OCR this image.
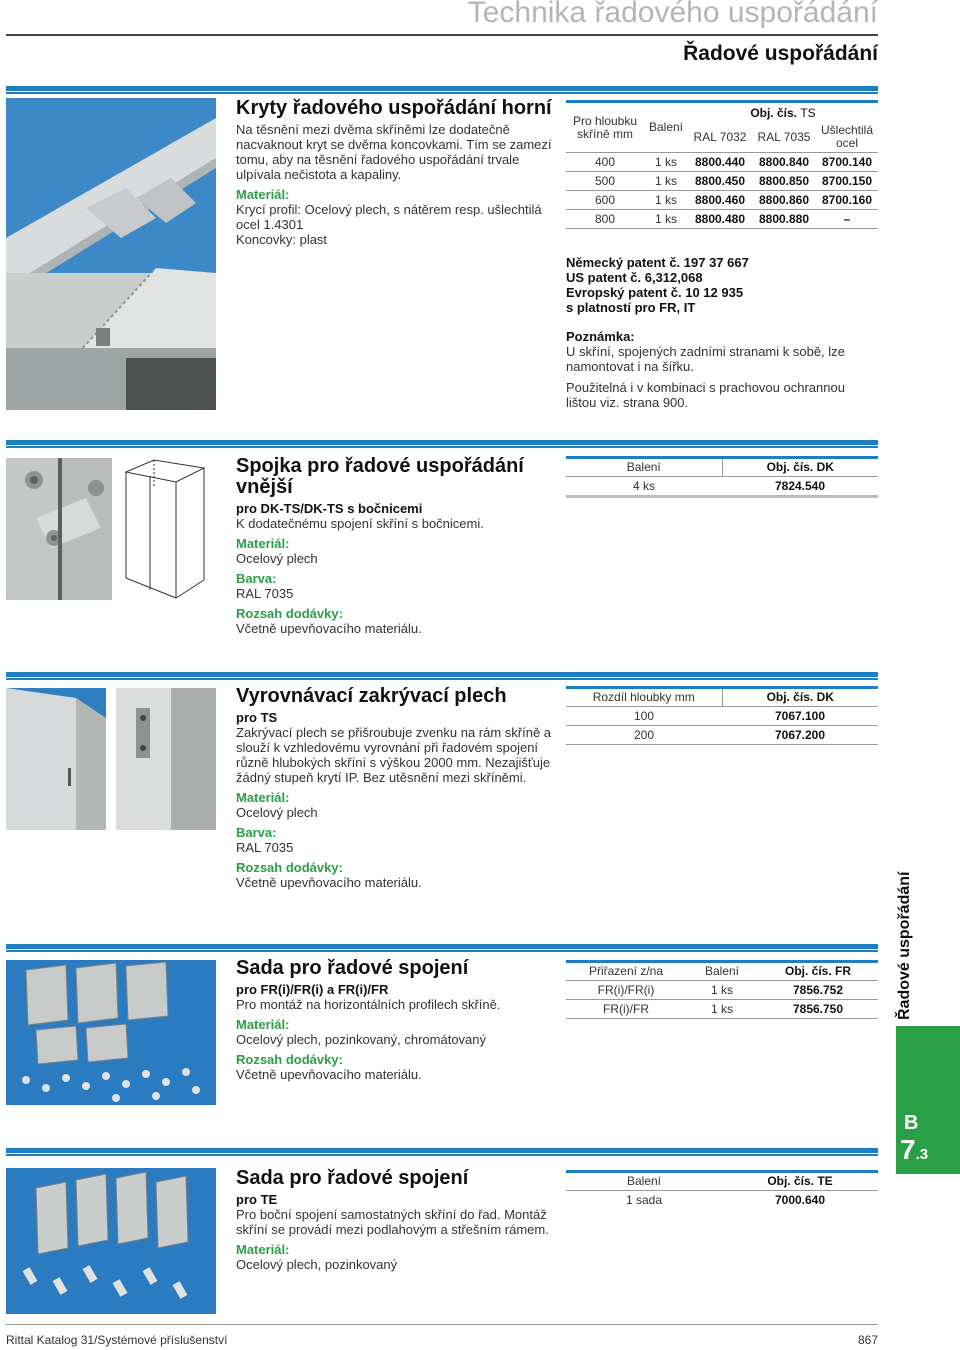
Technika řadového uspořádání
Řadové uspořádání
Kryty řadového uspořádání horní

Na těsnění mezi dvěma skříněmi lze dodatečně nacvaknout kryt se dvěma koncovkami. Tím se zamezí tomu, aby na těsnění řadového uspořádání trvale ulpívala nečistota a kapaliny.

Materiál:

Krycí profil: Ocelový plech, s nátěrem resp. ušlechtilá ocel 1.4301

Koncovky: plast

Pro hloubku skříně mm	Balení	Obj. čís. TS		
		RAL 7032	RAL 7035	Ušlechtilá ocel
400	1 ks	8800.440	8800.840	8700.140
500	1 ks	8800.450	8800.850	8700.150
600	1 ks	8800.460	8800.860	8700.160
800	1 ks	8800.480	8800.880	–

Německý patent č. 197 37 667

US patent č. 6,312,068

Evropský patent č. 10 12 935

s platností pro FR, IT

Poznámka:

U skříní, spojených zadními stranami k sobě, lze namontovat i na šířku.

Použitelná i v kombinaci s prachovou ochrannou lištou viz. strana 900.

Spojka pro řadové uspořádání vnější

pro DK-TS/DK-TS s bočnicemi

K dodatečnému spojení skříní s bočnicemi.

Materiál:

Ocelový plech

Barva:

RAL 7035

Rozsah dodávky:

Včetně upevňovacího materiálu.

Balení	Obj. čís. DK
4 ks	7824.540
Vyrovnávací zakrývací plech

pro TS

Zakrývací plech se přišroubuje zvenku na rám skříně a slouží k vzhledovému vyrovnání při řadovém spojení různě hlubokých skříní s výškou 2000 mm. Nezajišťuje žádný stupeň krytí IP. Bez utěsnění mezi skříněmi.

Materiál:

Ocelový plech

Barva:

RAL 7035

Rozsah dodávky:

Včetně upevňovacího materiálu.

Rozdíl hloubky mm	Obj. čís. DK
100	7067.100
200	7067.200
Sada pro řadové spojení

pro FR(i)/FR(i) a FR(i)/FR

Pro montáž na horizontálních profilech skříně.

Materiál:

Ocelový plech, pozinkovaný, chromátovaný

Rozsah dodávky:

Včetně upevňovacího materiálu.

Přiřazení z/na	Balení	Obj. čís. FR
FR(i)/FR(i)	1 ks	7856.752
FR(i)/FR	1 ks	7856.750
Sada pro řadové spojení

pro TE

Pro boční spojení samostatných skříní do řad. Montáž skříní se provádí mezi podlahovým a střešním rámem.

Materiál:

Ocelový plech, pozinkovaný

Balení	Obj. čís. TE
1 sada	7000.640
Řadové uspořádání
B
7.3
Rittal Katalog 31/Systémové příslušenství	867
